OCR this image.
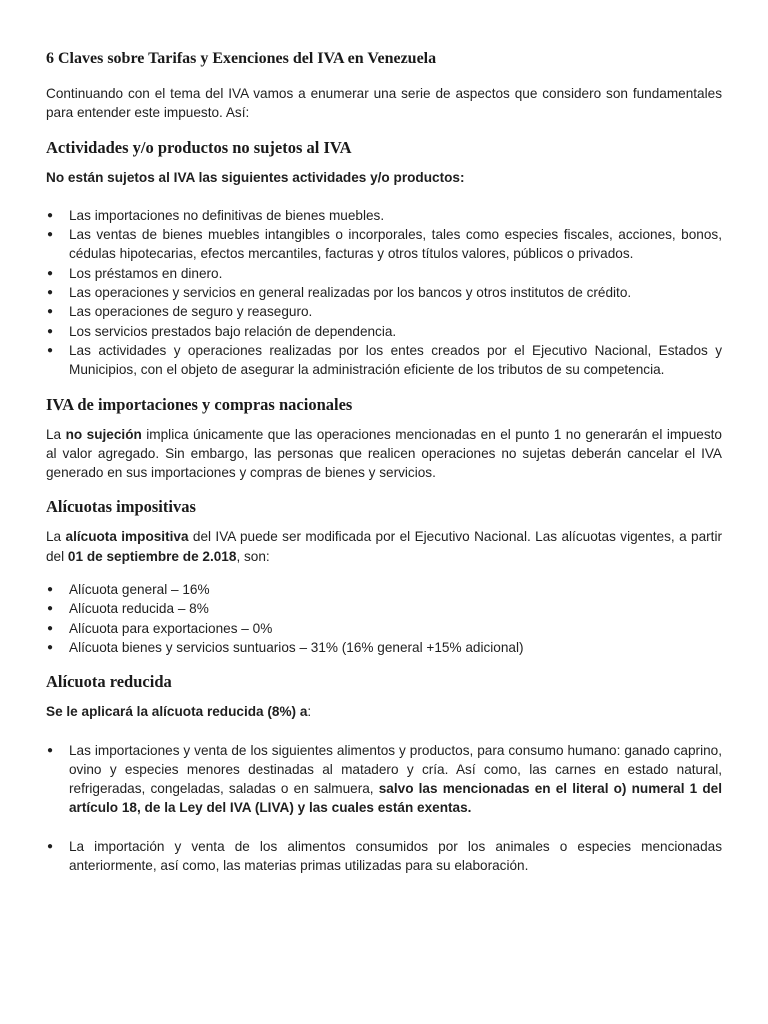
6 Claves sobre Tarifas y Exenciones del IVA en Venezuela

Continuando con el tema del IVA vamos a enumerar una serie de aspectos que considero son fundamentales para entender este impuesto. Así:

Actividades y/o productos no sujetos al IVA

No están sujetos al IVA las siguientes actividades y/o productos:

● Las importaciones no definitivas de bienes muebles.
● Las ventas de bienes muebles intangibles o incorporales, tales como especies fiscales, acciones, bonos, cédulas hipotecarias, efectos mercantiles, facturas y otros títulos valores, públicos o privados.
● Los préstamos en dinero.
● Las operaciones y servicios en general realizadas por los bancos y otros institutos de crédito.
● Las operaciones de seguro y reaseguro.
● Los servicios prestados bajo relación de dependencia.
● Las actividades y operaciones realizadas por los entes creados por el Ejecutivo Nacional, Estados y Municipios, con el objeto de asegurar la administración eficiente de los tributos de su competencia.
IVA de importaciones y compras nacionales

La no sujeción implica únicamente que las operaciones mencionadas en el punto 1 no generarán el impuesto al valor agregado. Sin embargo, las personas que realicen operaciones no sujetas deberán cancelar el IVA generado en sus importaciones y compras de bienes y servicios.

Alícuotas impositivas

La alícuota impositiva del IVA puede ser modificada por el Ejecutivo Nacional. Las alícuotas vigentes, a partir del 01 de septiembre de 2.018, son:

● Alícuota general – 16%
● Alícuota reducida – 8%
● Alícuota para exportaciones – 0%
● Alícuota bienes y servicios suntuarios – 31% (16% general +15% adicional)
Alícuota reducida

Se le aplicará la alícuota reducida (8%) a:

● Las importaciones y venta de los siguientes alimentos y productos, para consumo humano: ganado caprino, ovino y especies menores destinadas al matadero y cría. Así como, las carnes en estado natural, refrigeradas, congeladas, saladas o en salmuera, salvo las mencionadas en el literal o) numeral 1 del artículo 18, de la Ley del IVA (LIVA) y las cuales están exentas.
● La importación y venta de los alimentos consumidos por los animales o especies mencionadas anteriormente, así como, las materias primas utilizadas para su elaboración.
